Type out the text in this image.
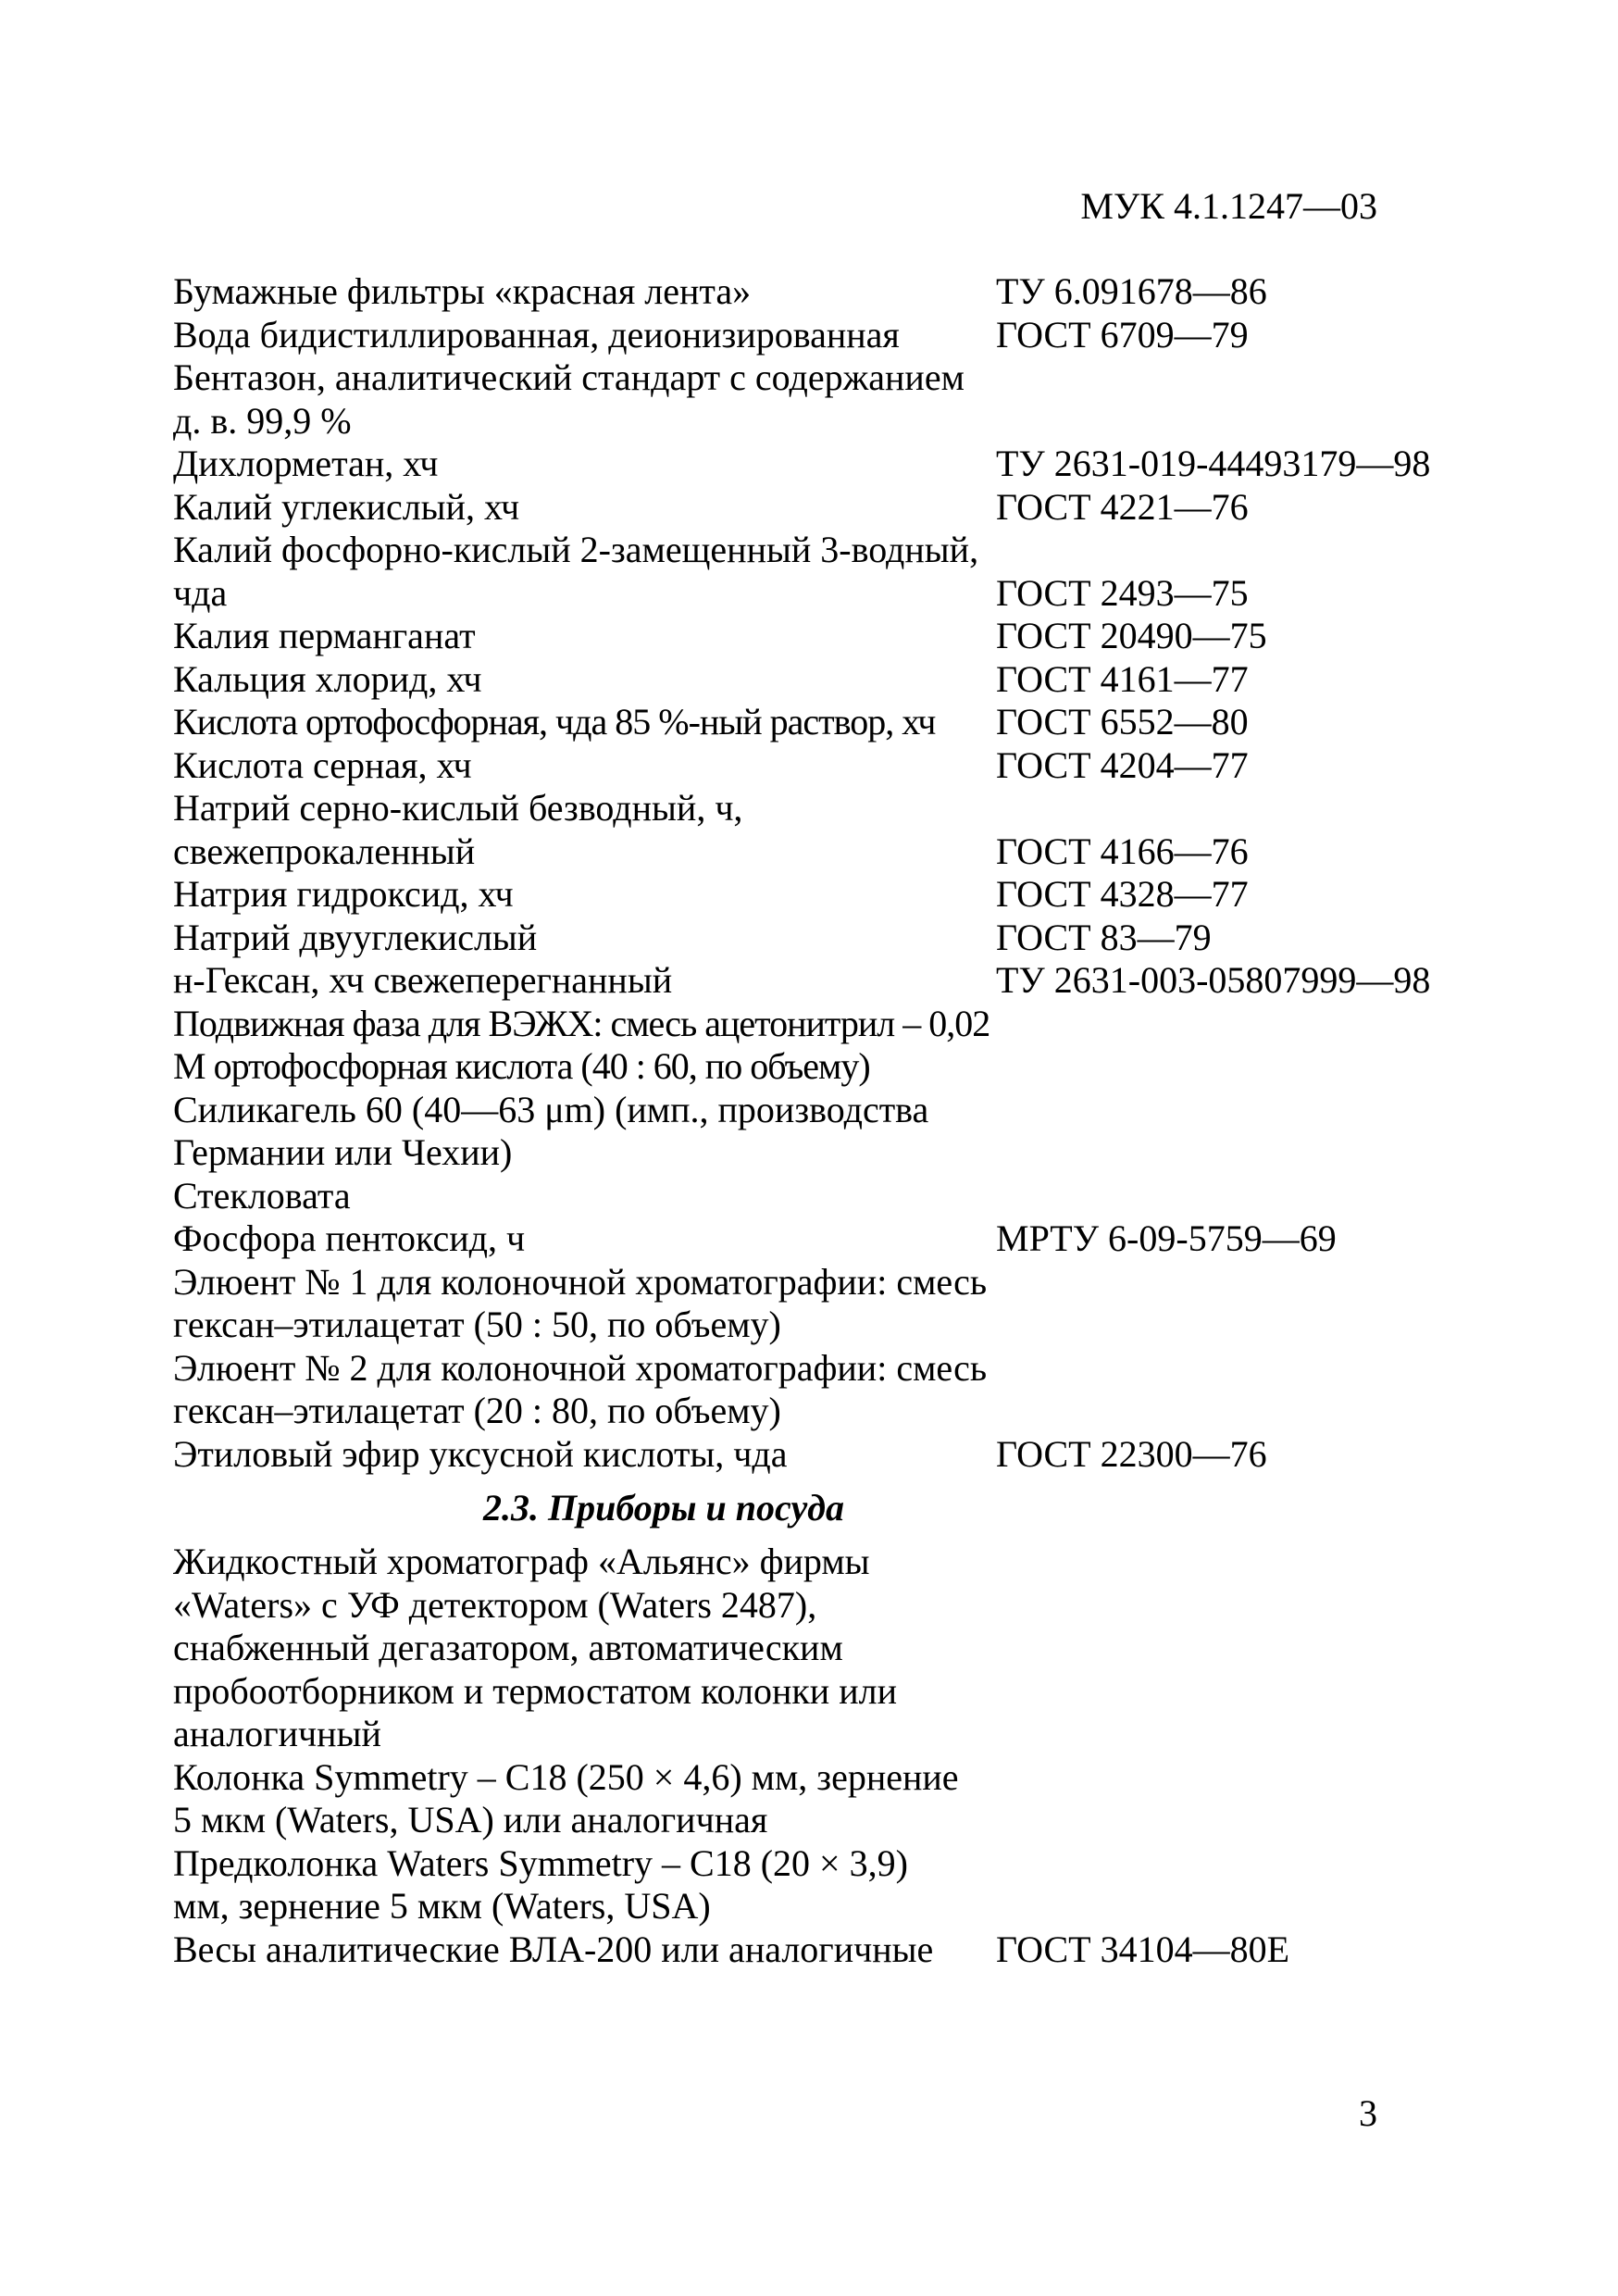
МУК 4.1.1247—03
Бумажные фильтры «красная лента»	ТУ 6.091678—86
Вода бидистиллированная, деионизированная	ГОСТ 6709—79
Бентазон, аналитический стандарт с содержанием д. в. 99,9 %
Дихлорметан, хч	ТУ 2631-019-44493179—98
Калий углекислый, хч	ГОСТ 4221—76
Калий фосфорно-кислый 2-замещенный 3-водный, чда	ГОСТ 2493—75
Калия перманганат	ГОСТ 20490—75
Кальция хлорид, хч	ГОСТ 4161—77
Кислота ортофосфорная, чда 85 %-ный раствор, хч	ГОСТ 6552—80
Кислота серная, хч	ГОСТ 4204—77
Натрий серно-кислый безводный, ч, свежепрокаленный	ГОСТ 4166—76
Натрия гидроксид, хч	ГОСТ 4328—77
Натрий двууглекислый	ГОСТ 83—79
н-Гексан, хч свежеперегнанный	ТУ 2631-003-05807999—98
Подвижная фаза для ВЭЖХ: смесь ацетонитрил – 0,02 М ортофосфорная кислота (40 : 60, по объему)
Силикагель 60 (40—63 μm) (имп., производства Германии или Чехии)
Стекловата
Фосфора пентоксид, ч	МРТУ 6-09-5759—69
Элюент № 1 для колоночной хроматографии: смесь гексан–этилацетат (50 : 50, по объему)
Элюент № 2 для колоночной хроматографии: смесь гексан–этилацетат (20 : 80, по объему)
Этиловый эфир уксусной кислоты, чда	ГОСТ 22300—76
2.3. Приборы и посуда
Жидкостный хроматограф «Альянс» фирмы «Waters» с УФ детектором (Waters 2487), снабженный дегазатором, автоматическим пробоотборником и термостатом колонки или аналогичный
Колонка Symmetry – С18 (250 × 4,6) мм, зернение 5 мкм (Waters, USA) или аналогичная
Предколонка Waters Symmetry – С18 (20 × 3,9) мм, зернение 5 мкм (Waters, USA)
Весы аналитические ВЛА-200 или аналогичные	ГОСТ 34104—80Е
3
